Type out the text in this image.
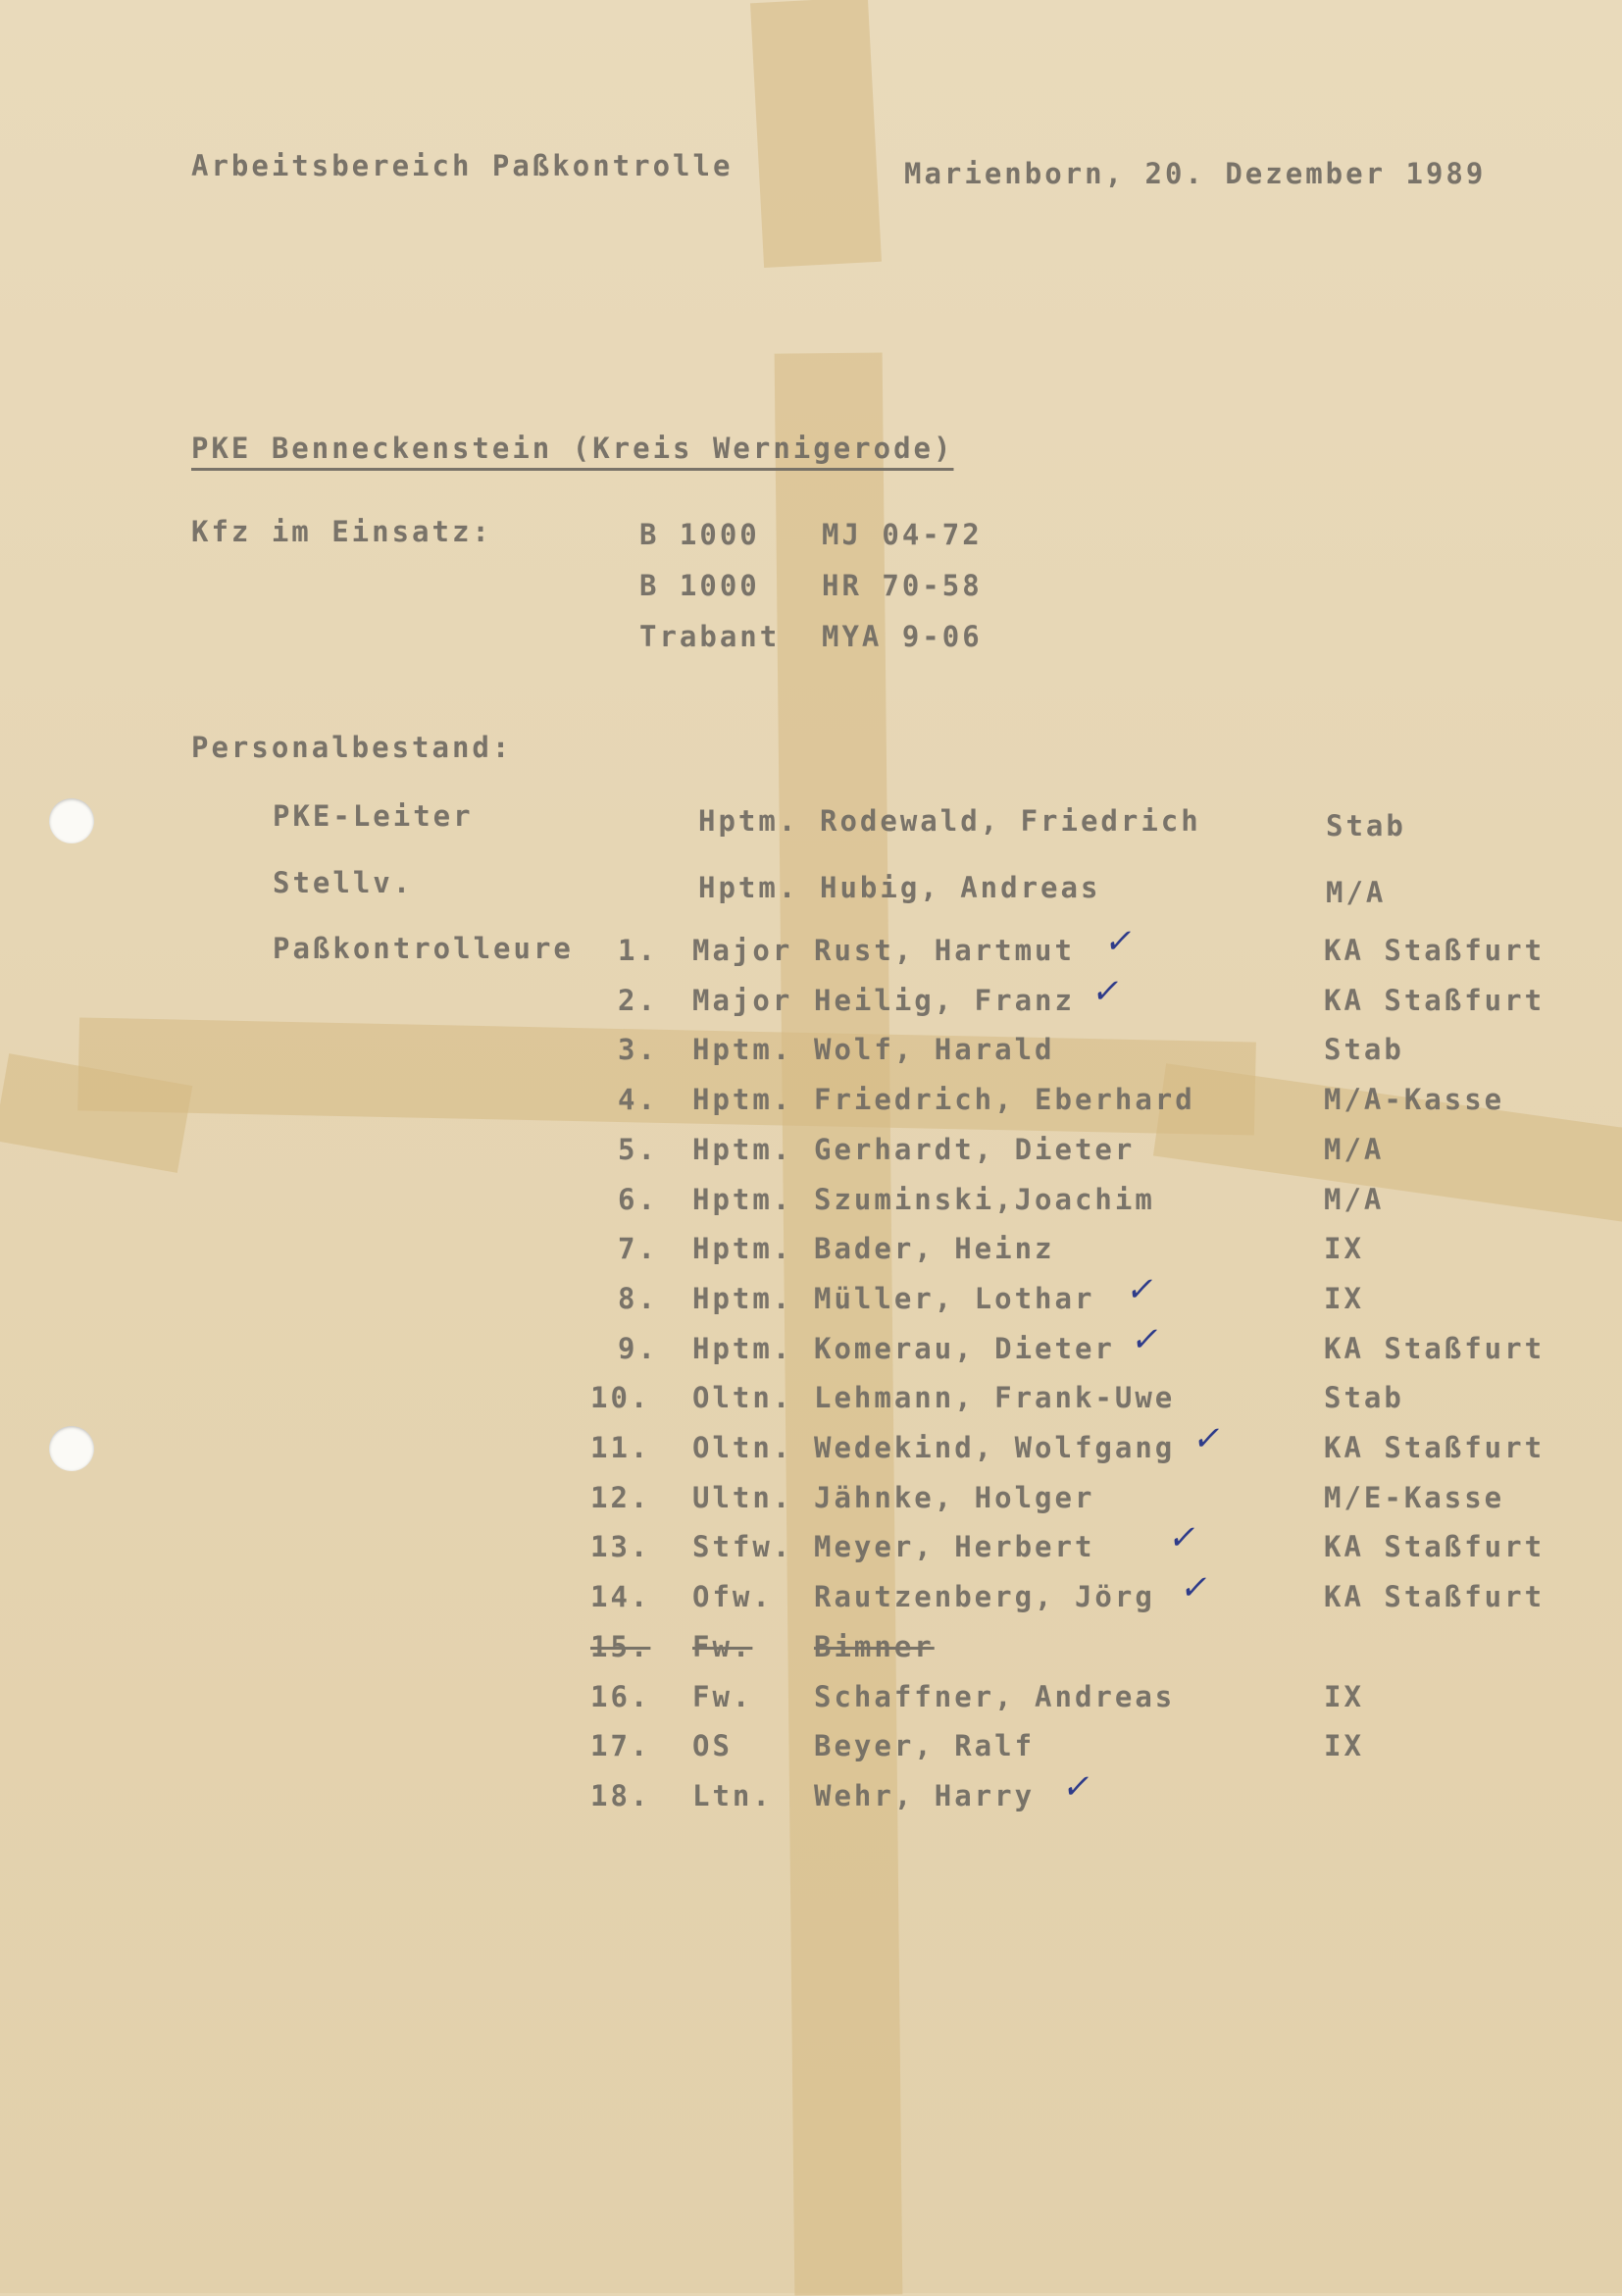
Arbeitsbereich Paßkontrolle	Marienborn, 20. Dezember 1989
PKE Benneckenstein (Kreis Wernigerode)
Kfz im Einsatz:	B 1000 MJ 04-72
B 1000 HR 70-58
Trabant MYA 9-06
Personalbestand:
PKE-Leiter	Hptm. Rodewald, Friedrich	Stab
Stellv.	Hptm. Hubig, Andreas	M/A
Paßkontrolleure 1. Major Rust, Hartmut	KA Staßfurt
✓
2. Major Heilig, Franz	KA Staßfurt
✓
3. Hptm. Wolf, Harald	Stab
4. Hptm. Friedrich, Eberhard	M/A-Kasse
5. Hptm. Gerhardt, Dieter	M/A
6. Hptm. Szuminski,Joachim	M/A
7. Hptm. Bader, Heinz	IX
8. Hptm. Müller, Lothar	IX
✓
9. Hptm. Komerau, Dieter	KA Staßfurt
✓
10. Oltn. Lehmann, Frank-Uwe	Stab
11. Oltn. Wedekind, Wolfgang	KA Staßfurt
✓
12. Ultn. Jähnke, Holger	M/E-Kasse
13. Stfw. Meyer, Herbert	KA Staßfurt
✓
14. Ofw. Rautzenberg, Jörg	KA Staßfurt
✓
15. Fw. Bimner
16. Fw. Schaffner, Andreas	IX
17. OS	Beyer, Ralf	IX
18. Ltn. Wehr, Harry ✓
